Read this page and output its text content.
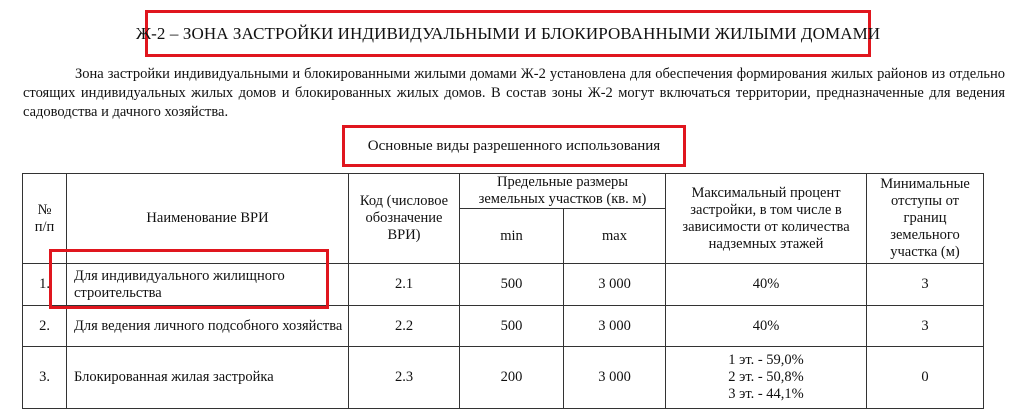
Ж-2 – ЗОНА ЗАСТРОЙКИ ИНДИВИДУАЛЬНЫМИ И БЛОКИРОВАННЫМИ ЖИЛЫМИ ДОМАМИ
Зона застройки индивидуальными и блокированными жилыми домами Ж-2 установлена для обеспечения формирования жилых районов из отдельно стоящих индивидуальных жилых домов и блокированных жилых домов. В состав зоны Ж-2 могут включаться территории, предназначенные для ведения садоводства и дачного хозяйства.
Основные виды разрешенного использования
№ п/п	Наименование ВРИ	Код (числовое обозначение ВРИ)	Предельные размеры земельных участков (кв. м)		Максимальный процент застройки, в том числе в зависимости от количества надземных этажей	Минимальные отступы от границ земельного участка (м)
			min	max		
1.	Для индивидуального жилищного строительства	2.1	500	3 000	40%	3
2.	Для ведения личного подсобного хозяйства	2.2	500	3 000	40%	3
3.	Блокированная жилая застройка	2.3	200	3 000	1 эт. - 59,0%
2 эт. - 50,8%
3 эт. - 44,1%	0
